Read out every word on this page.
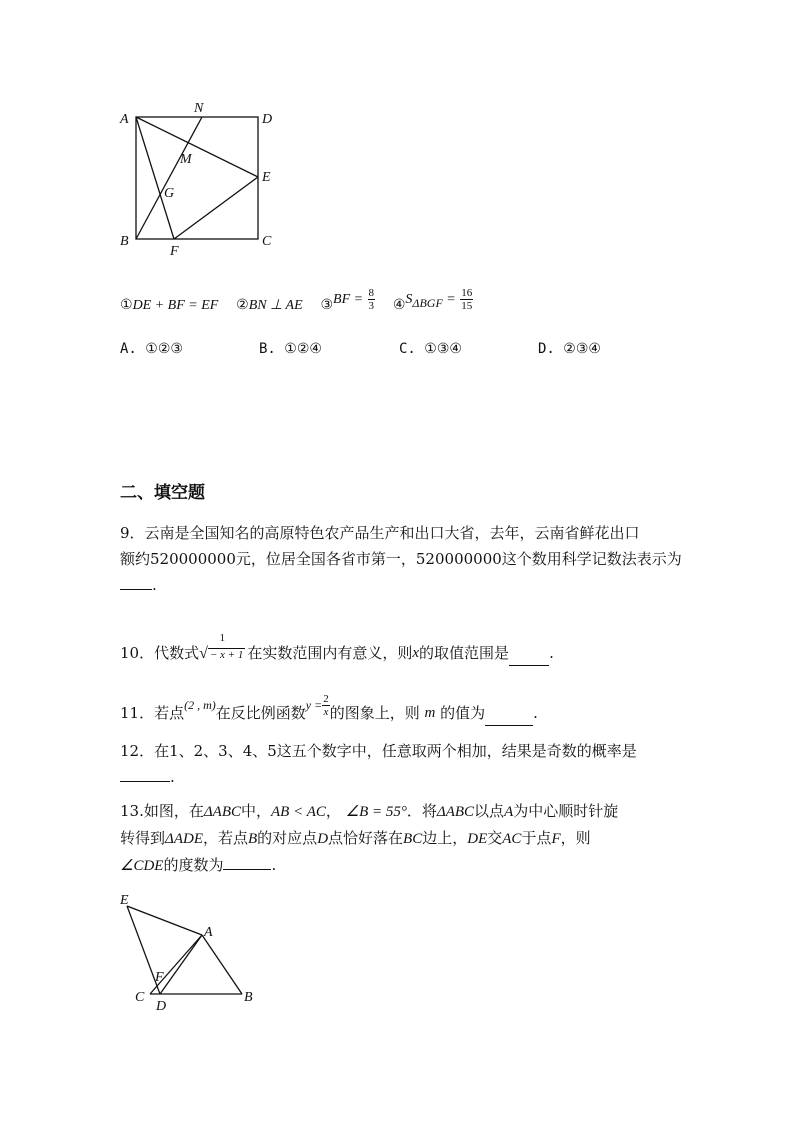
A
N
D
M
E
G
B
F
C
①DE + BF = EF ②BN ⊥ AE ③BF = $\frac{8}{3}$ $④S_{\Delta BGF} = \frac{16}{15}$
A. ①②③	B. ①②④	C. ①③④	D. ②③④
二、填空题
9．云南是全国知名的高原特色农产品生产和出口大省，去年，云南省鲜花出口
额约520000000元，位居全国各省市第一，520000000这个数用科学记数法表示为
.
10．代数式
1
√ − x + 1 在实数范围内有意义，则 x 的取值范围是	.
11．若点 (2 , m) 在反比例函数 $y = \frac{2}{x}$ 的图象上，则
m
的值为	.
12．在1、2、3、4、5这五个数字中，任意取两个相加，结果是奇数的概率是
.
13.如图，在ΔABC中，AB < AC， ∠B = 55°．将ΔABC以点A为中心顺时针旋
转得到ΔADE，若点B的对应点D点恰好落在BC边上，DE交AC于点F，则
∠CDE的度数为	.
E
A
F
C
D
B
